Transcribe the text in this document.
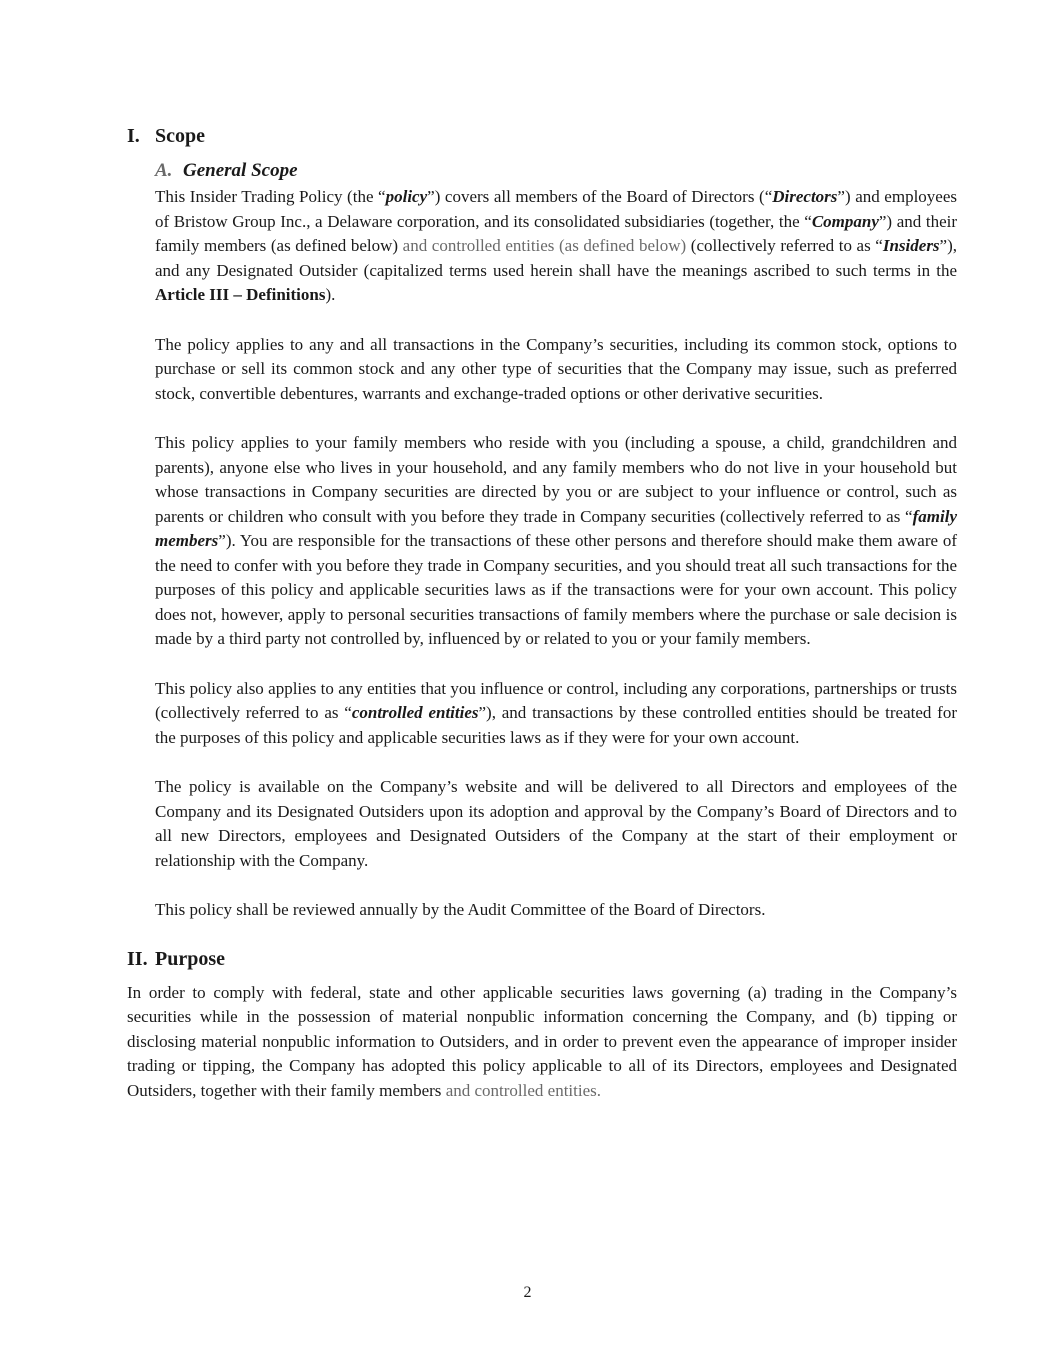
I. Scope
A. General Scope

This Insider Trading Policy (the “policy”) covers all members of the Board of Directors (“Directors”) and employees of Bristow Group Inc., a Delaware corporation, and its consolidated subsidiaries (together, the “Company”) and their family members (as defined below) and controlled entities (as defined below) (collectively referred to as “Insiders”), and any Designated Outsider (capitalized terms used herein shall have the meanings ascribed to such terms in the Article III – Definitions).

The policy applies to any and all transactions in the Company’s securities, including its common stock, options to purchase or sell its common stock and any other type of securities that the Company may issue, such as preferred stock, convertible debentures, warrants and exchange-traded options or other derivative securities.

This policy applies to your family members who reside with you (including a spouse, a child, grandchildren and parents), anyone else who lives in your household, and any family members who do not live in your household but whose transactions in Company securities are directed by you or are subject to your influence or control, such as parents or children who consult with you before they trade in Company securities (collectively referred to as “family members”). You are responsible for the transactions of these other persons and therefore should make them aware of the need to confer with you before they trade in Company securities, and you should treat all such transactions for the purposes of this policy and applicable securities laws as if the transactions were for your own account. This policy does not, however, apply to personal securities transactions of family members where the purchase or sale decision is made by a third party not controlled by, influenced by or related to you or your family members.

This policy also applies to any entities that you influence or control, including any corporations, partnerships or trusts (collectively referred to as “controlled entities”), and transactions by these controlled entities should be treated for the purposes of this policy and applicable securities laws as if they were for your own account.

The policy is available on the Company’s website and will be delivered to all Directors and employees of the Company and its Designated Outsiders upon its adoption and approval by the Company’s Board of Directors and to all new Directors, employees and Designated Outsiders of the Company at the start of their employment or relationship with the Company.

This policy shall be reviewed annually by the Audit Committee of the Board of Directors.

II. Purpose

In order to comply with federal, state and other applicable securities laws governing (a) trading in the Company’s securities while in the possession of material nonpublic information concerning the Company, and (b) tipping or disclosing material nonpublic information to Outsiders, and in order to prevent even the appearance of improper insider trading or tipping, the Company has adopted this policy applicable to all of its Directors, employees and Designated Outsiders, together with their family members and controlled entities.

2
